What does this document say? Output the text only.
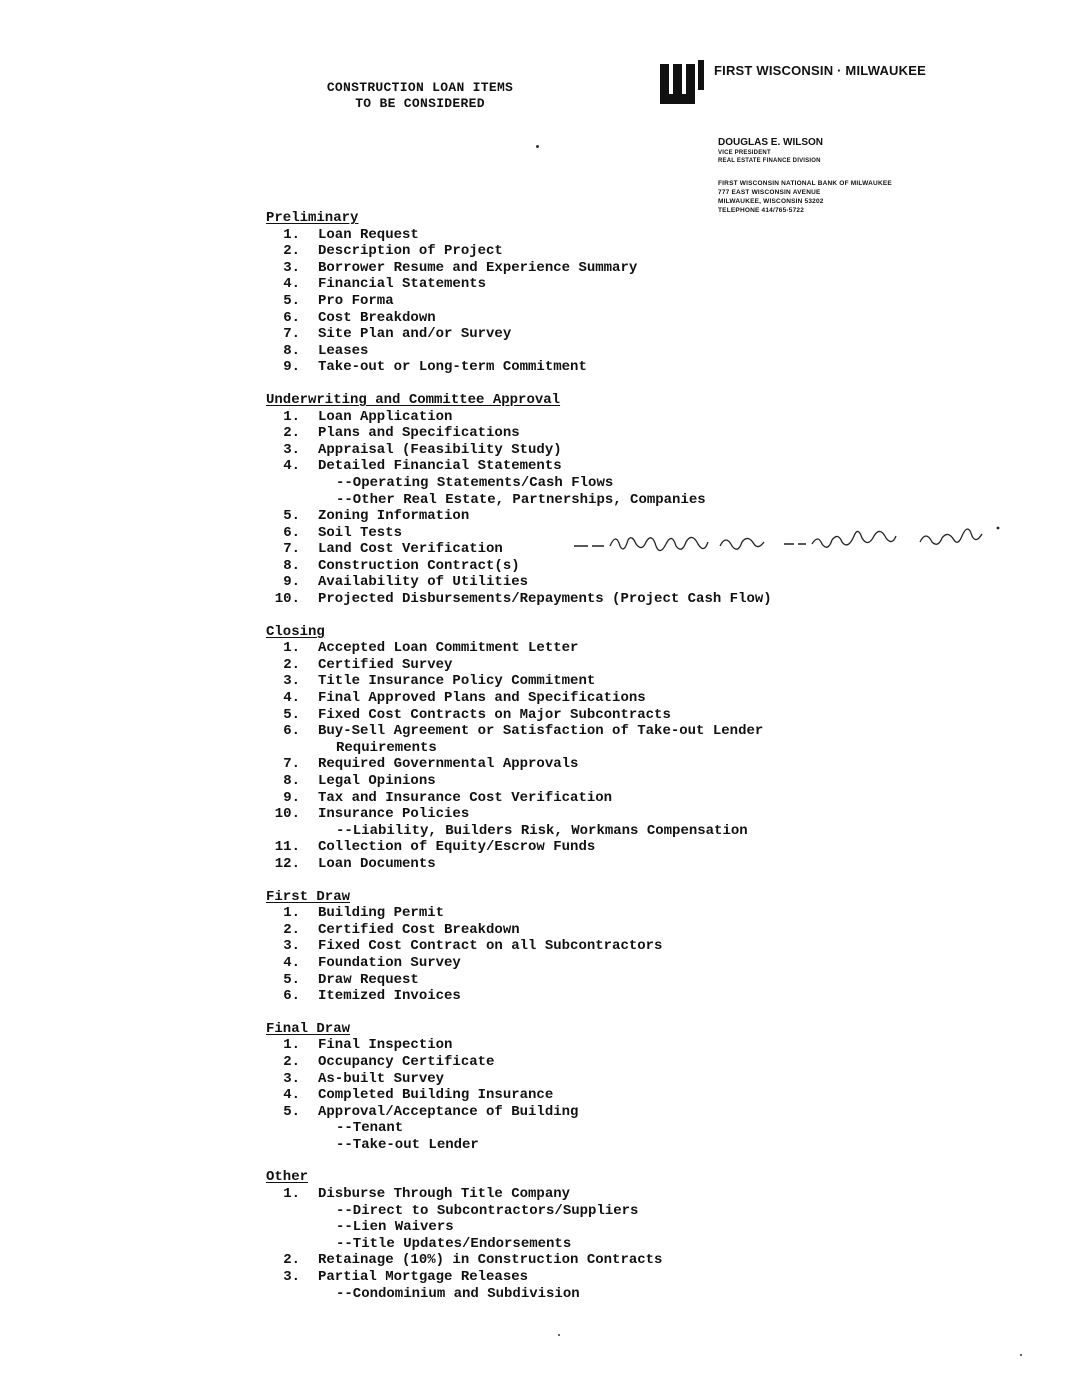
CONSTRUCTION LOAN ITEMS
TO BE CONSIDERED
FIRST WISCONSIN · MILWAUKEE
DOUGLAS E. WILSON
VICE PRESIDENT
REAL ESTATE FINANCE DIVISION
FIRST WISCONSIN NATIONAL BANK OF MILWAUKEE
777 EAST WISCONSIN AVENUE
MILWAUKEE, WISCONSIN 53202
TELEPHONE 414/765-5722
Preliminary
1.	Loan Request
2.	Description of Project
3.	Borrower Resume and Experience Summary
4.	Financial Statements
5.	Pro Forma
6.	Cost Breakdown
7.	Site Plan and/or Survey
8.	Leases
9.	Take-out or Long-term Commitment
Underwriting and Committee Approval
1.	Loan Application
2.	Plans and Specifications
3.	Appraisal (Feasibility Study)
4.	Detailed Financial Statements
--Operating Statements/Cash Flows
--Other Real Estate, Partnerships, Companies
5.	Zoning Information
6.	Soil Tests
7.	Land Cost Verification
8.	Construction Contract(s)
9.	Availability of Utilities
10.	Projected Disbursements/Repayments (Project Cash Flow)
Closing
1.	Accepted Loan Commitment Letter
2.	Certified Survey
3.	Title Insurance Policy Commitment
4.	Final Approved Plans and Specifications
5.	Fixed Cost Contracts on Major Subcontracts
6.	Buy-Sell Agreement or Satisfaction of Take-out Lender
Requirements
7.	Required Governmental Approvals
8.	Legal Opinions
9.	Tax and Insurance Cost Verification
10.	Insurance Policies
--Liability, Builders Risk, Workmans Compensation
11.	Collection of Equity/Escrow Funds
12.	Loan Documents
First Draw
1.	Building Permit
2.	Certified Cost Breakdown
3.	Fixed Cost Contract on all Subcontractors
4.	Foundation Survey
5.	Draw Request
6.	Itemized Invoices
Final Draw
1.	Final Inspection
2.	Occupancy Certificate
3.	As-built Survey
4.	Completed Building Insurance
5.	Approval/Acceptance of Building
--Tenant
--Take-out Lender
Other
1.	Disburse Through Title Company
--Direct to Subcontractors/Suppliers
--Lien Waivers
--Title Updates/Endorsements
2.	Retainage (10%) in Construction Contracts
3.	Partial Mortgage Releases
--Condominium and Subdivision
